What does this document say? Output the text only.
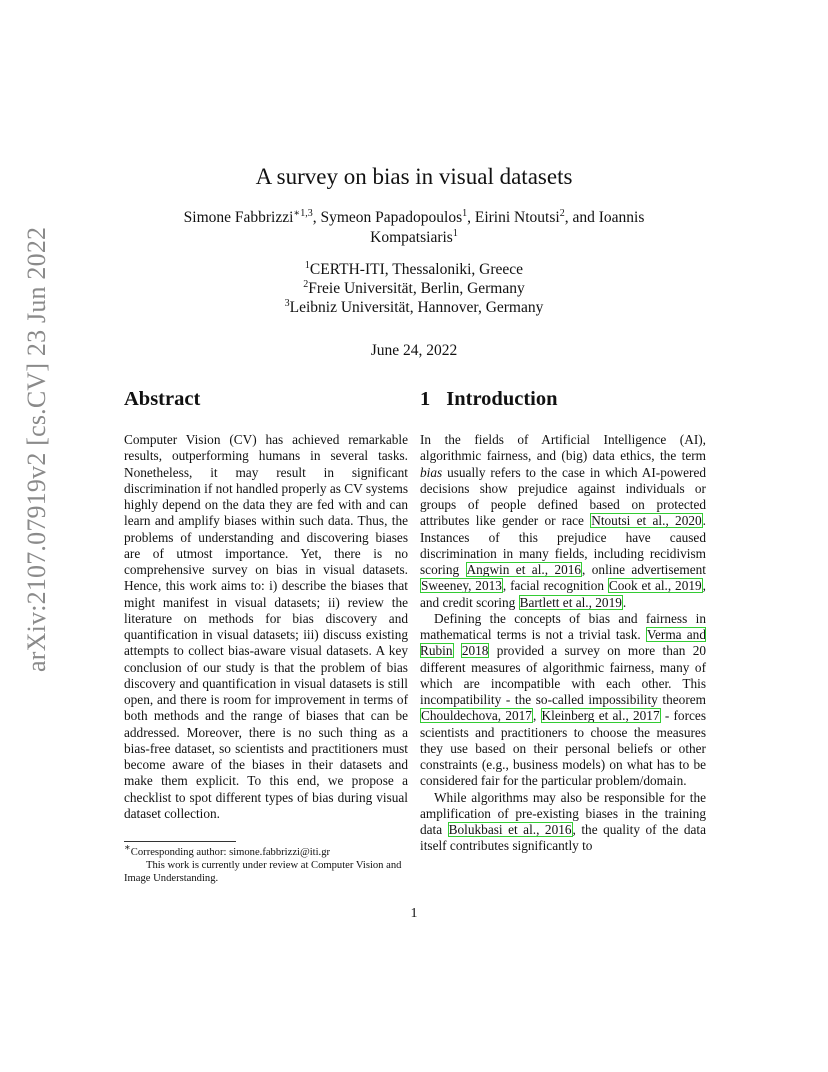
arXiv:2107.07919v2 [cs.CV] 23 Jun 2022
A survey on bias in visual datasets
Simone Fabbrizzi$^{∗1,3}$, Symeon Papadopoulos$^1$, Eirini Ntoutsi$^2$, and Ioannis Kompatsiaris$^1$
$^1$CERTH-ITI, Thessaloniki, Greece
$^2$Freie Universität, Berlin, Germany
$^3$Leibniz Universität, Hannover, Germany
June 24, 2022
Abstract

Computer Vision (CV) has achieved remarkable results, outperforming humans in several tasks. Nonetheless, it may result in significant discrimination if not handled properly as CV systems highly depend on the data they are fed with and can learn and amplify biases within such data. Thus, the problems of understanding and discovering biases are of utmost importance. Yet, there is no comprehensive survey on bias in visual datasets. Hence, this work aims to: i) describe the biases that might manifest in visual datasets; ii) review the literature on methods for bias discovery and quantification in visual datasets; iii) discuss existing attempts to collect bias-aware visual datasets. A key conclusion of our study is that the problem of bias discovery and quantification in visual datasets is still open, and there is room for improvement in terms of both methods and the range of biases that can be addressed. Moreover, there is no such thing as a bias-free dataset, so scientists and practitioners must become aware of the biases in their datasets and make them explicit. To this end, we propose a checklist to spot different types of bias during visual dataset collection.

∗Corresponding author: simone.fabbrizzi@iti.gr
This work is currently under review at Computer Vision and Image Understanding.
1 Introduction

In the fields of Artificial Intelligence (AI), algorithmic fairness, and (big) data ethics, the term bias usually refers to the case in which AI-powered decisions show prejudice against individuals or groups of people defined based on protected attributes like gender or race Ntoutsi et al., 2020. Instances of this prejudice have caused discrimination in many fields, including recidivism scoring Angwin et al., 2016, online advertisement Sweeney, 2013, facial recognition Cook et al., 2019, and credit scoring Bartlett et al., 2019.

Defining the concepts of bias and fairness in mathematical terms is not a trivial task. Verma and Rubin 2018 provided a survey on more than 20 different measures of algorithmic fairness, many of which are incompatible with each other. This incompatibility - the so-called impossibility theorem Chouldechova, 2017, Kleinberg et al., 2017 - forces scientists and practitioners to choose the measures they use based on their personal beliefs or other constraints (e.g., business models) on what has to be considered fair for the particular problem/domain.

While algorithms may also be responsible for the amplification of pre-existing biases in the training data Bolukbasi et al., 2016, the quality of the data itself contributes significantly to

1
